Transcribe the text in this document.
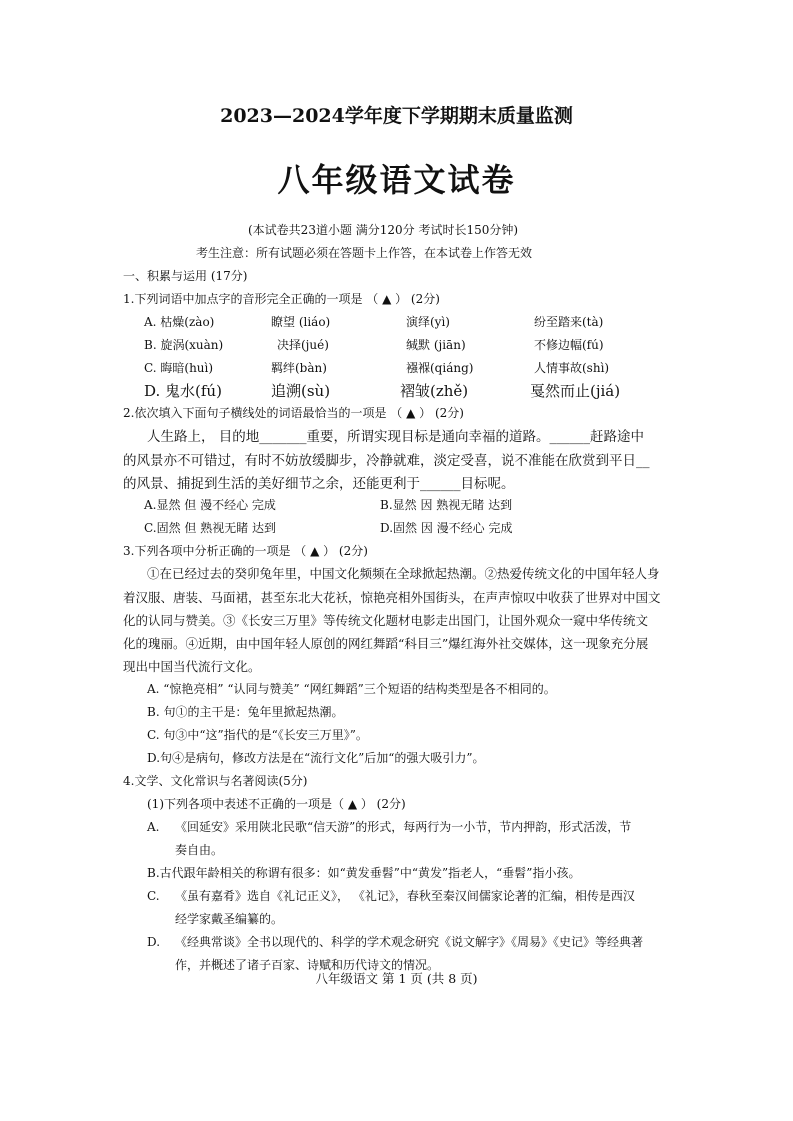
2023—2024学年度下学期期末质量监测
八年级语文试卷
(本试卷共23道小题 满分120分 考试时长150分钟)
考生注意：所有试题必须在答题卡上作答，在本试卷上作答无效
一、积累与运用 (17分)
1.下列词语中加点字的音形完全正确的一项是 （ ▲ ） (2分)
A. 枯燥(zào)	瞭望 (liáo)	演绎(yì)	纷至踏来(tà)
B. 旋涡(xuàn)	决择(jué)	缄默 (jiān)	不修边幅(fú)
C. 晦暗(huì)	羁绊(bàn)	襁褓(qiáng)	人情事故(shì)
D. 鬼水(fú)	追溯(sù)	褶皱(zhě)	戛然而止(jiá)
2.依次填入下面句子横线处的词语最恰当的一项是 （ ▲ ） (2分)
人生路上， 目的地_______重要，所谓实现目标是通向幸福的道路。______赶路途中
的风景亦不可错过，有时不妨放缓脚步，冷静就难，淡定受喜，说不准能在欣赏到平日__
的风景、捕捉到生活的美好细节之余，还能更利于______目标呢。
A.显然 但 漫不经心 完成	B.显然 因 熟视无睹 达到
C.固然 但 熟视无睹 达到	D.固然 因 漫不经心 完成
3.下列各项中分析正确的一项是 （ ▲ ） (2分)
①在已经过去的癸卯兔年里，中国文化频频在全球掀起热潮。②热爱传统文化的中国年轻人身
着汉服、唐装、马面裙，甚至东北大花袄，惊艳亮相外国街头，在声声惊叹中收获了世界对中国文
化的认同与赞美。③《长安三万里》等传统文化题材电影走出国门，让国外观众一窥中华传统文
化的瑰丽。④近期，由中国年轻人原创的网红舞蹈“科目三”爆红海外社交媒体，这一现象充分展
现出中国当代流行文化。
A. “惊艳亮相” “认同与赞美” “网红舞蹈”三个短语的结构类型是各不相同的。
B. 句①的主干是：兔年里掀起热潮。
C. 句③中“这”指代的是“《长安三万里》”。
D.句④是病句，修改方法是在“流行文化”后加“的强大吸引力”。
4.文学、文化常识与名著阅读(5分)
(1)下列各项中表述不正确的一项是（ ▲ ） (2分)
A. 《回延安》采用陕北民歌“信天游”的形式，每两行为一小节，节内押韵，形式活泼，节
奏自由。
B.古代跟年龄相关的称谓有很多：如“黄发垂髫”中“黄发”指老人，“垂髫”指小孩。
C. 《虽有嘉肴》选自《礼记正义》， 《礼记》，春秋至秦汉间儒家论著的汇编，相传是西汉
经学家戴圣编纂的。
D. 《经典常谈》全书以现代的、科学的学术观念研究《说文解字》《周易》《史记》等经典著
作，并概述了诸子百家、诗赋和历代诗文的情况。
八年级语文 第 1 页 (共 8 页)
